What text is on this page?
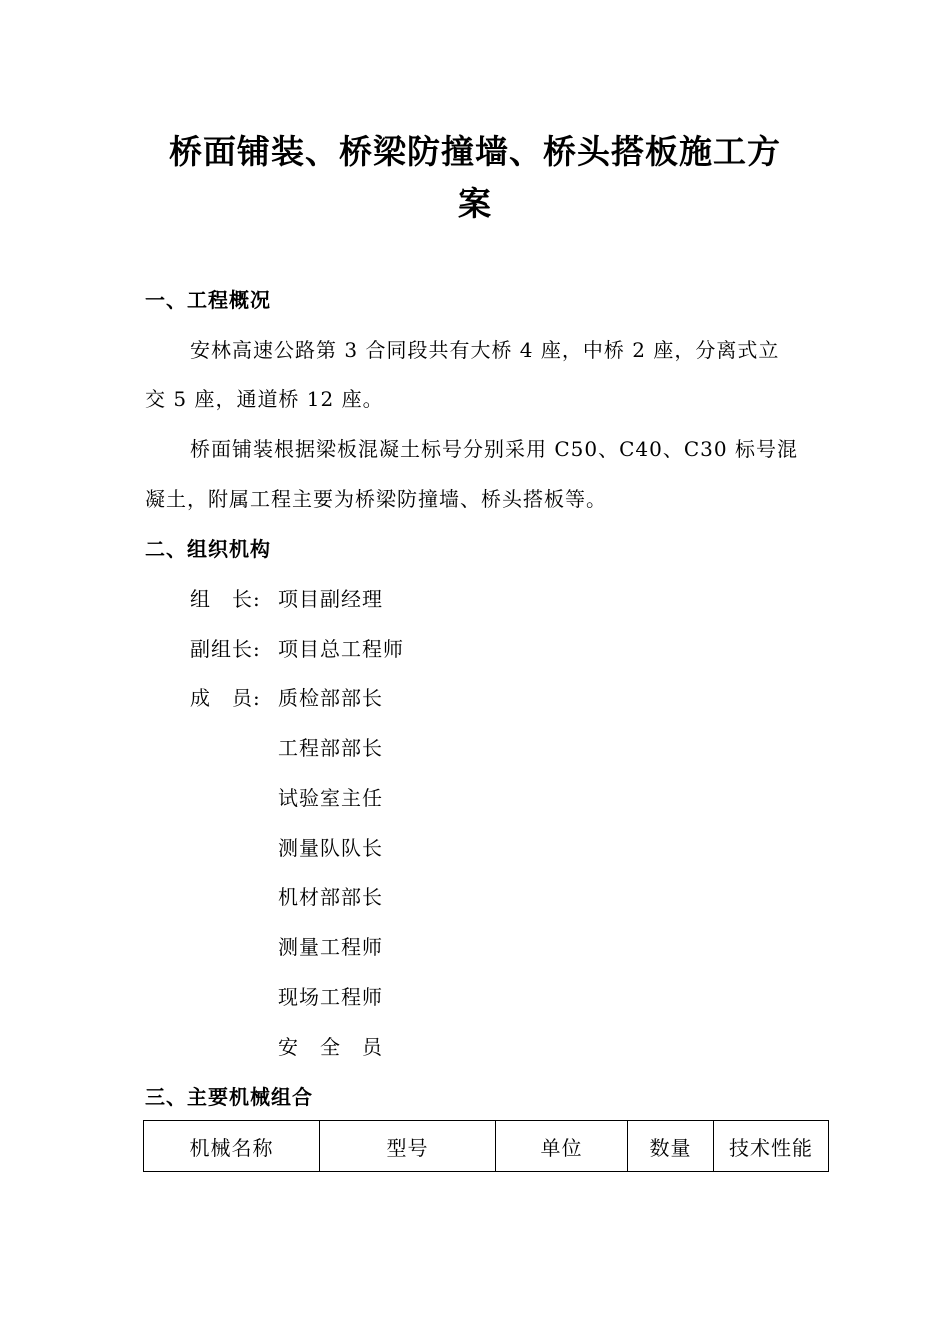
桥面铺装、桥梁防撞墙、桥头搭板施工方
案
一、工程概况
安林高速公路第 3 合同段共有大桥 4 座，中桥 2 座，分离式立
交 5 座，通道桥 12 座。
桥面铺装根据梁板混凝土标号分别采用 C50、C40、C30 标号混
凝土，附属工程主要为桥梁防撞墙、桥头搭板等。
二、组织机构
组　长: 项目副经理
副组长: 项目总工程师
成　员: 质检部部长
工程部部长
试验室主任
测量队队长
机材部部长
测量工程师
现场工程师
安　全　员
三、主要机械组合
机械名称	型号	单位	数量	技术性能
